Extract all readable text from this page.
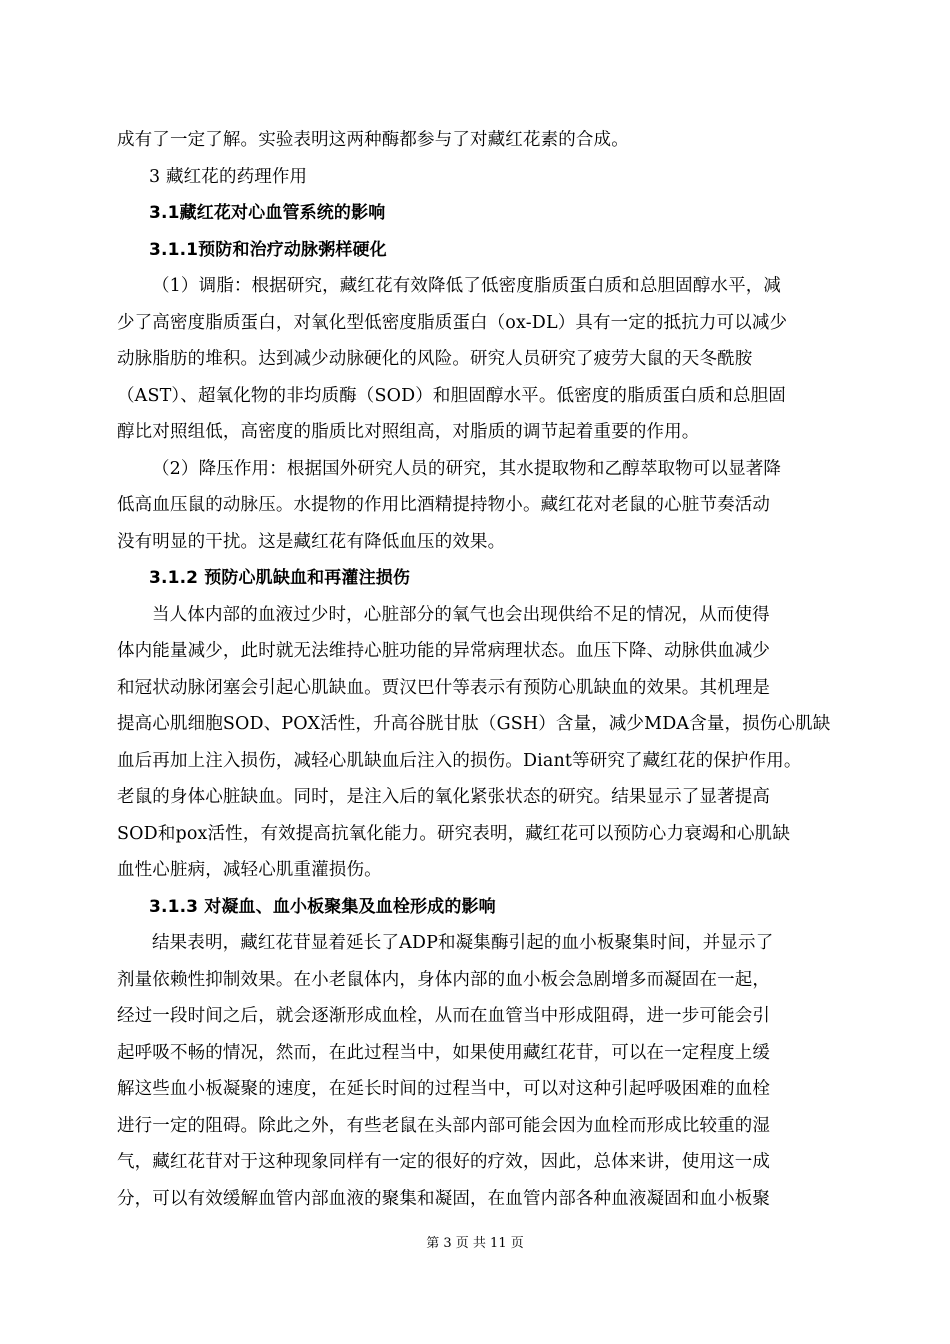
成有了一定了解。实验表明这两种酶都参与了对藏红花素的合成。
3 藏红花的药理作用
3.1藏红花对心血管系统的影响
3.1.1预防和治疗动脉粥样硬化
（1）调脂：根据研究，藏红花有效降低了低密度脂质蛋白质和总胆固醇水平，减
少了高密度脂质蛋白，对氧化型低密度脂质蛋白（ox-DL）具有一定的抵抗力可以减少
动脉脂肪的堆积。达到减少动脉硬化的风险。研究人员研究了疲劳大鼠的天冬酰胺
（AST）、超氧化物的非均质酶（SOD）和胆固醇水平。低密度的脂质蛋白质和总胆固
醇比对照组低，高密度的脂质比对照组高，对脂质的调节起着重要的作用。
（2）降压作用：根据国外研究人员的研究，其水提取物和乙醇萃取物可以显著降
低高血压鼠的动脉压。水提物的作用比酒精提持物小。藏红花对老鼠的心脏节奏活动
没有明显的干扰。这是藏红花有降低血压的效果。
3.1.2 预防心肌缺血和再灌注损伤
当人体内部的血液过少时，心脏部分的氧气也会出现供给不足的情况，从而使得
体内能量减少，此时就无法维持心脏功能的异常病理状态。血压下降、动脉供血减少
和冠状动脉闭塞会引起心肌缺血。贾汉巴什等表示有预防心肌缺血的效果。其机理是
提高心肌细胞SOD、POX活性，升高谷胱甘肽（GSH）含量，减少MDA含量，损伤心肌缺
血后再加上注入损伤，减轻心肌缺血后注入的损伤。Diant等研究了藏红花的保护作用。
老鼠的身体心脏缺血。同时，是注入后的氧化紧张状态的研究。结果显示了显著提高
SOD和pox活性，有效提高抗氧化能力。研究表明，藏红花可以预防心力衰竭和心肌缺
血性心脏病，减轻心肌重灌损伤。
3.1.3 对凝血、血小板聚集及血栓形成的影响
结果表明，藏红花苷显着延长了ADP和凝集酶引起的血小板聚集时间，并显示了
剂量依赖性抑制效果。在小老鼠体内，身体内部的血小板会急剧增多而凝固在一起，
经过一段时间之后，就会逐渐形成血栓，从而在血管当中形成阻碍，进一步可能会引
起呼吸不畅的情况，然而，在此过程当中，如果使用藏红花苷，可以在一定程度上缓
解这些血小板凝聚的速度，在延长时间的过程当中，可以对这种引起呼吸困难的血栓
进行一定的阻碍。除此之外，有些老鼠在头部内部可能会因为血栓而形成比较重的湿
气，藏红花苷对于这种现象同样有一定的很好的疗效，因此，总体来讲，使用这一成
分，可以有效缓解血管内部血液的聚集和凝固，在血管内部各种血液凝固和血小板聚
第 3 页 共 11 页
